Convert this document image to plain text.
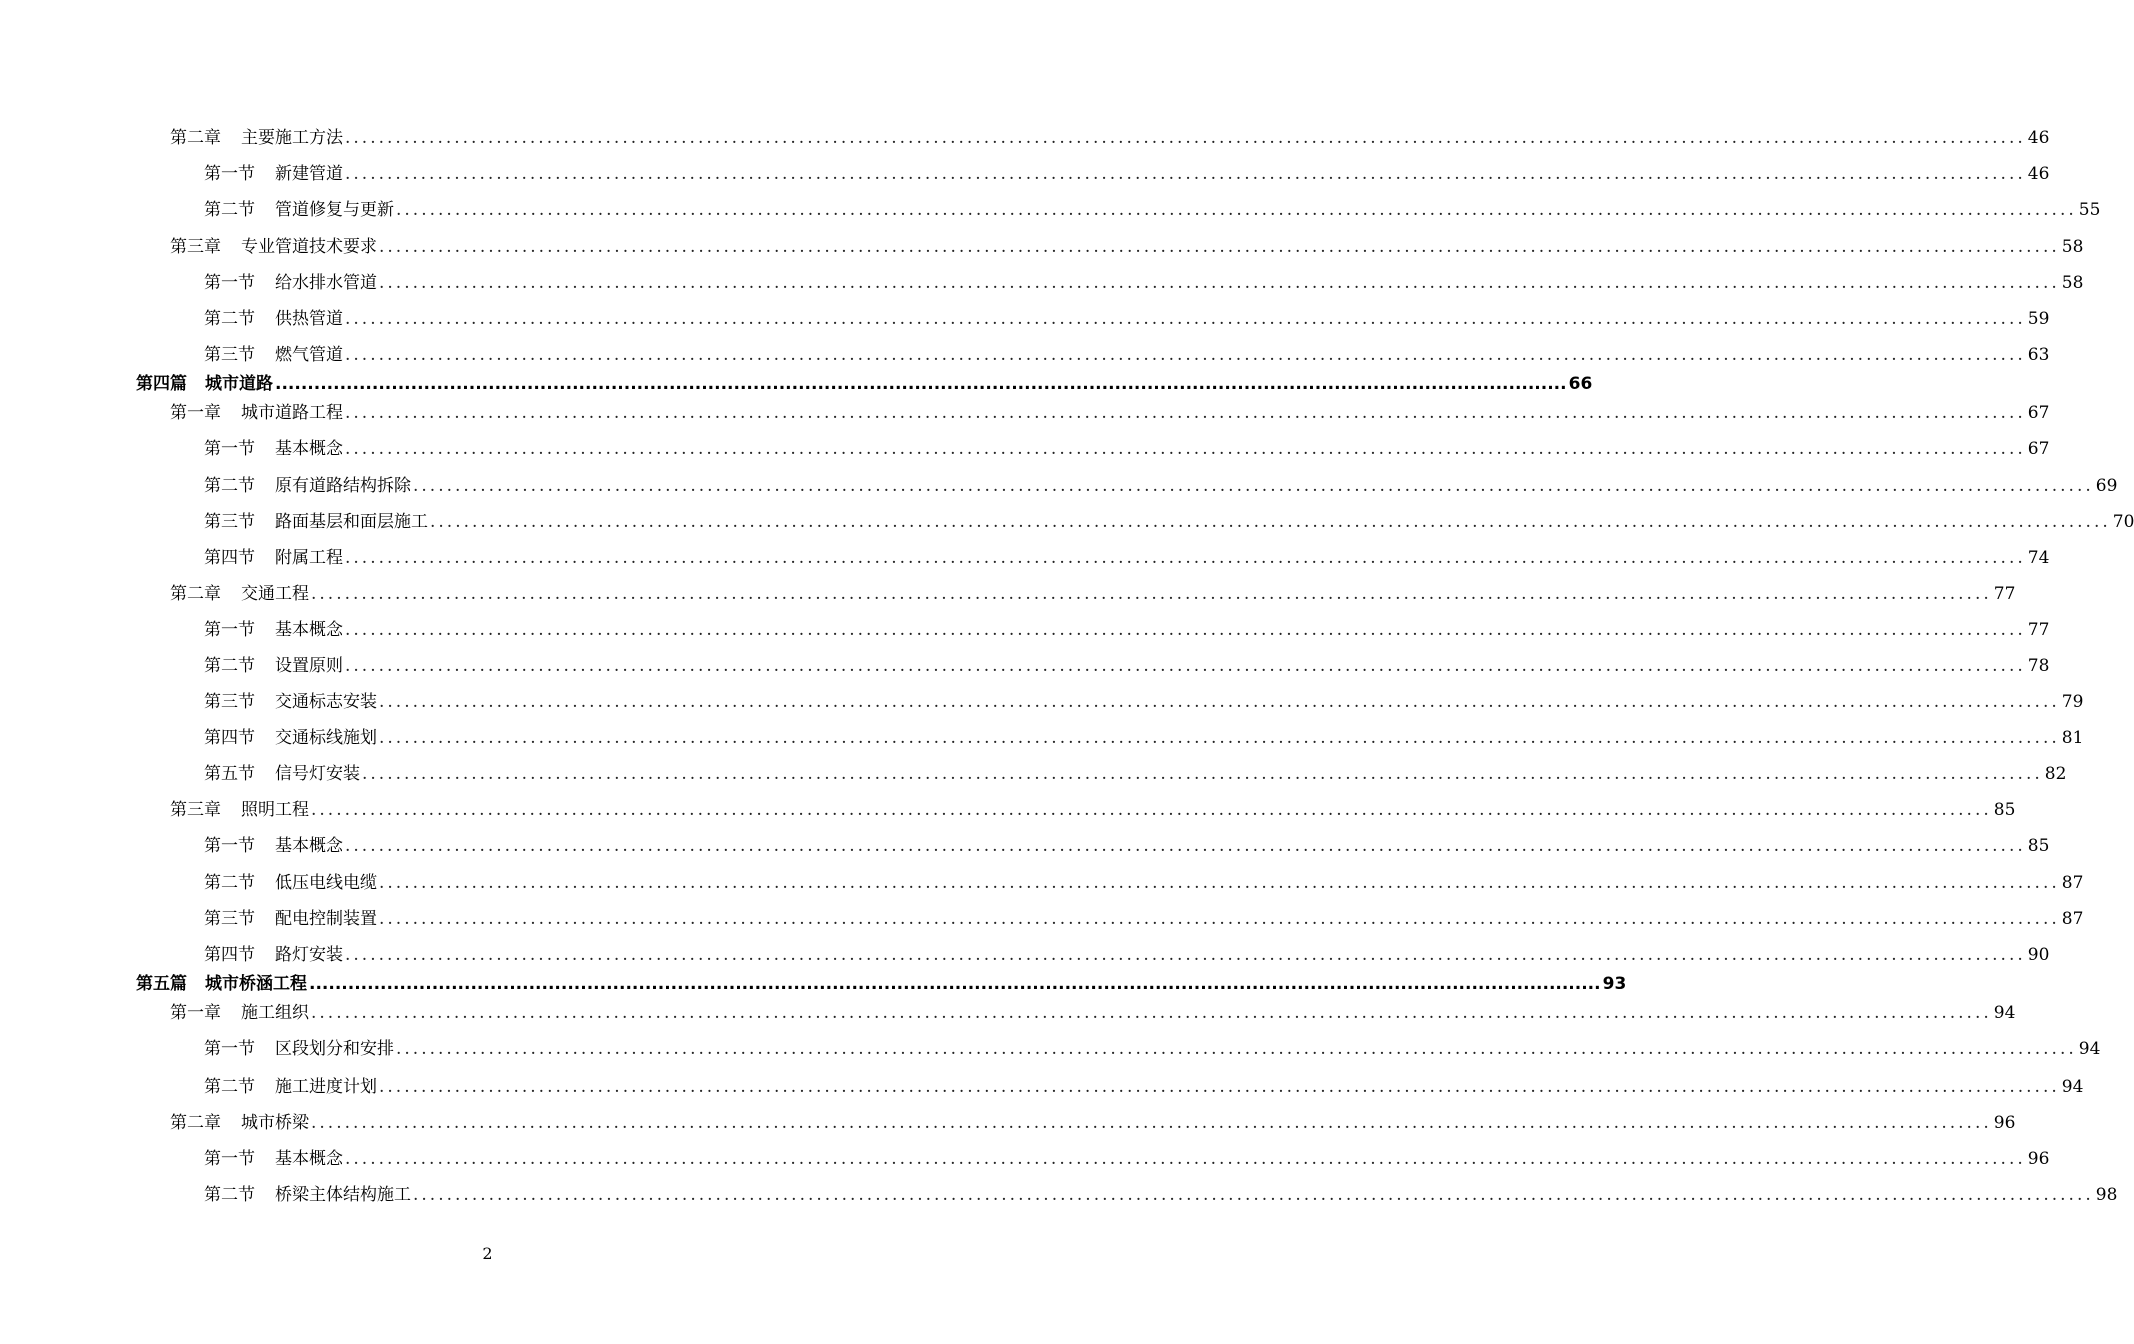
第二章 主要施工方法 ........................................................................................................................................................................................................ 46
第一节 新建管道 ........................................................................................................................................................................................................ 46
第二节 管道修复与更新 ........................................................................................................................................................................................................ 55
第三章 专业管道技术要求 ........................................................................................................................................................................................................ 58
第一节 给水排水管道 ........................................................................................................................................................................................................ 58
第二节 供热管道 ........................................................................................................................................................................................................ 59
第三节 燃气管道 ........................................................................................................................................................................................................ 63
第四篇 城市道路 ........................................................................................................................................................................................................ 66
第一章 城市道路工程 ........................................................................................................................................................................................................ 67
第一节 基本概念 ........................................................................................................................................................................................................ 67
第二节 原有道路结构拆除 ........................................................................................................................................................................................................ 69
第三节 路面基层和面层施工 ........................................................................................................................................................................................................ 70
第四节 附属工程 ........................................................................................................................................................................................................ 74
第二章 交通工程 ........................................................................................................................................................................................................ 77
第一节 基本概念 ........................................................................................................................................................................................................ 77
第二节 设置原则 ........................................................................................................................................................................................................ 78
第三节 交通标志安装 ........................................................................................................................................................................................................ 79
第四节 交通标线施划 ........................................................................................................................................................................................................ 81
第五节 信号灯安装 ........................................................................................................................................................................................................ 82
第三章 照明工程 ........................................................................................................................................................................................................ 85
第一节 基本概念 ........................................................................................................................................................................................................ 85
第二节 低压电线电缆 ........................................................................................................................................................................................................ 87
第三节 配电控制装置 ........................................................................................................................................................................................................ 87
第四节 路灯安装 ........................................................................................................................................................................................................ 90
第五篇 城市桥涵工程 ........................................................................................................................................................................................................ 93
第一章 施工组织 ........................................................................................................................................................................................................ 94
第一节 区段划分和安排 ........................................................................................................................................................................................................ 94
第二节 施工进度计划 ........................................................................................................................................................................................................ 94
第二章 城市桥梁 ........................................................................................................................................................................................................ 96
第一节 基本概念 ........................................................................................................................................................................................................ 96
第二节 桥梁主体结构施工 ........................................................................................................................................................................................................ 98
2
